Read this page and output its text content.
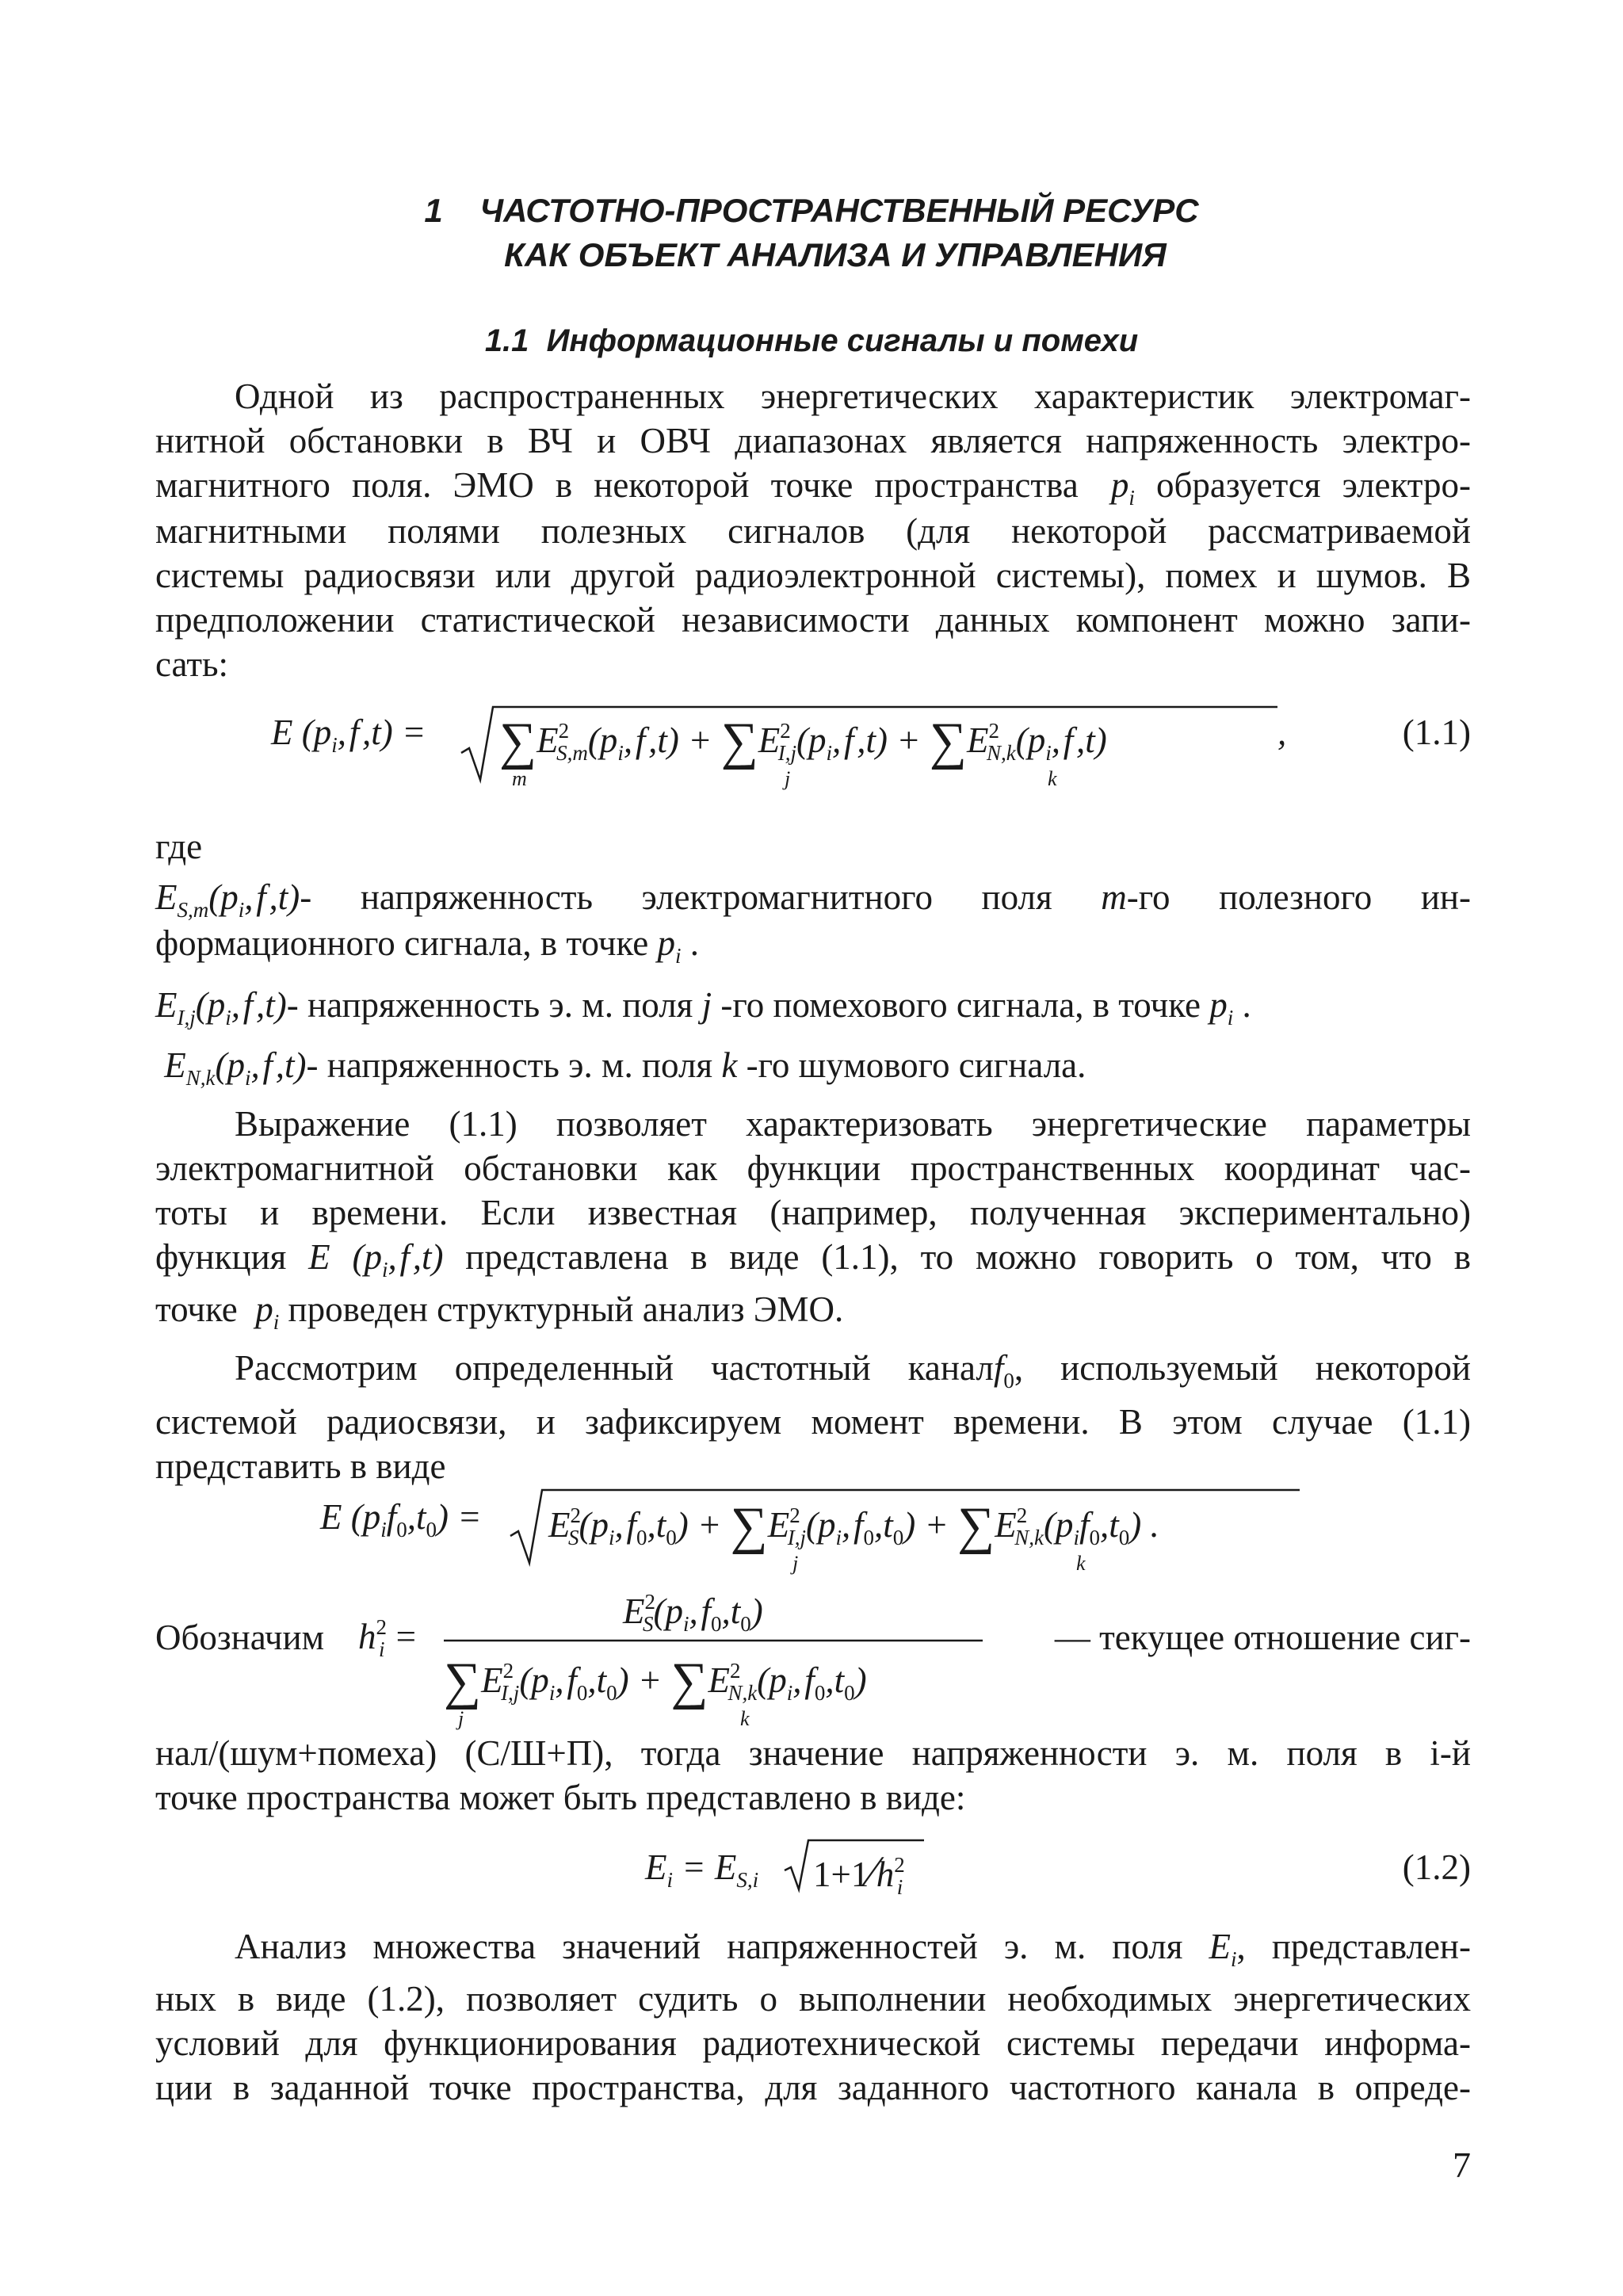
1 ЧАСТОТНО-ПРОСТРАНСТВЕННЫЙ РЕСУРС
КАК ОБЪЕКТ АНАЛИЗА И УПРАВЛЕНИЯ
1.1 Информационные сигналы и помехи
Одной из распространенных энергетических характеристик электромаг-
нитной обстановки в ВЧ и ОВЧ диапазонах является напряженность электро-
магнитного поля. ЭМО в некоторой точке пространства $p_i$ образуется электро-
магнитными полями полезных сигналов (для некоторой рассматриваемой
системы радиосвязи или другой радиоэлектронной системы), помех и шумов. В
предположении статистической независимости данных компонент можно запи-
сать:
E ($p_i$, f $,t) = \sum E^2_{S,m}(p_i$, f $,t) + \sum E^2_{I,j}(p_i$, f $,t) + \sum E^2_{N,k}(p_i$, f ,t)	,
m	j	k
(1.1)
где
$E_{S,m}(p_i$, f ,t)- напряженность электромагнитного поля m-го полезного ин-
формационного сигнала, в точке $p_i$ .
$E_{I,j}(p_i$, f ,t)- напряженность э. м. поля j -го помехового сигнала, в точке $p_i$ .
$E_{N,k}(p_i$, f ,t)- напряженность э. м. поля k -го шумового сигнала.
Выражение (1.1) позволяет характеризовать энергетические параметры
электромагнитной обстановки как функции пространственных координат час-
тоты и времени. Если известная (например, полученная экспериментально)
функция E ($p_i$, f ,t) представлена в виде (1.1), то можно говорить о том, что в
точке $p_i$ проведен структурный анализ ЭМО.
Рассмотрим определенный частотный каналf$_0$, используемый некоторой
системой радиосвязи, и зафиксируем момент времени. В этом случае (1.1)
представить в виде
E $(p_if_0,t_0) = E^2_S(p_i$, $f_0,t_0) + \sum E^2_{I,j}(p_i$, $f_0,t_0) + \sum E^2_{N,k}(p_if_0,t_0)$ .
j	k
Обозначим $h^2_i$ =
$E^2_S(p_i$, $f_0,t_0$)
$\sum E^2_{I,j}(p_i$, $f_0,t_0) + \sum E^2_{N,k}(p_i$, $f_0,t_0$)
j	k
— текущее отношение сиг-
нал/(шум+помеха) (С/Ш+П), тогда значение напряженности э. м. поля в i-й
точке пространства может быть представлено в виде:
$E_i = E_{S,i}$ $1+1⁄h^2_i$	(1.2)
Анализ множества значений напряженностей э. м. поля $E_i$, представлен-
ных в виде (1.2), позволяет судить о выполнении необходимых энергетических
условий для функционирования радиотехнической системы передачи информа-
ции в заданной точке пространства, для заданного частотного канала в опреде-
7
